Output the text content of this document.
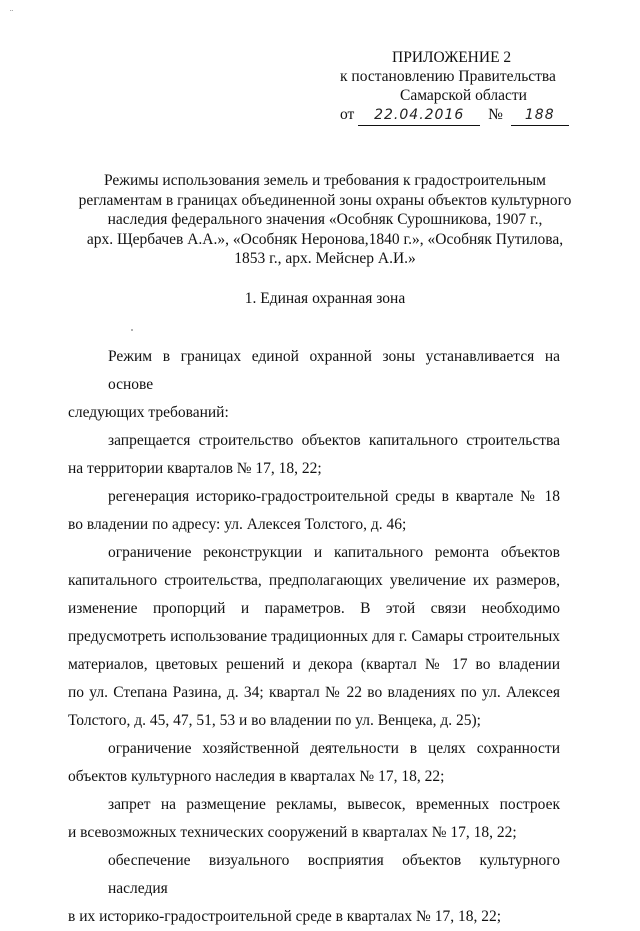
¨
ПРИЛОЖЕНИЕ 2
к постановлению Правительства
Самарской области
от 22.04.2016 № 188
Режимы использования земель и требования к градостроительным
регламентам в границах объединенной зоны охраны объектов культурного
наследия федерального значения «Особняк Сурошникова, 1907 г.,
арх. Щербачев А.А.», «Особняк Неронова,1840 г.», «Особняк Путилова,
1853 г., арх. Мейснер А.И.»
1. Единая охранная зона

Режим в границах единой охранной зоны устанавливается на основе
следующих требований:

запрещается строительство объектов капитального строительства
на территории кварталов № 17, 18, 22;

регенерация историко-градостроительной среды в квартале № 18
во владении по адресу: ул. Алексея Толстого, д. 46;

ограничение реконструкции и капитального ремонта объектов
капитального строительства, предполагающих увеличение их размеров,
изменение пропорций и параметров. В этой связи необходимо
предусмотреть использование традиционных для г. Самары строительных
материалов, цветовых решений и декора (квартал № 17 во владении
по ул. Степана Разина, д. 34; квартал № 22 во владениях по ул. Алексея
Толстого, д. 45, 47, 51, 53 и во владении по ул. Венцека, д. 25);

ограничение хозяйственной деятельности в целях сохранности
объектов культурного наследия в кварталах № 17, 18, 22;

запрет на размещение рекламы, вывесок, временных построек
и всевозможных технических сооружений в кварталах № 17, 18, 22;

обеспечение визуального восприятия объектов культурного наследия
в их историко-градостроительной среде в кварталах № 17, 18, 22;
